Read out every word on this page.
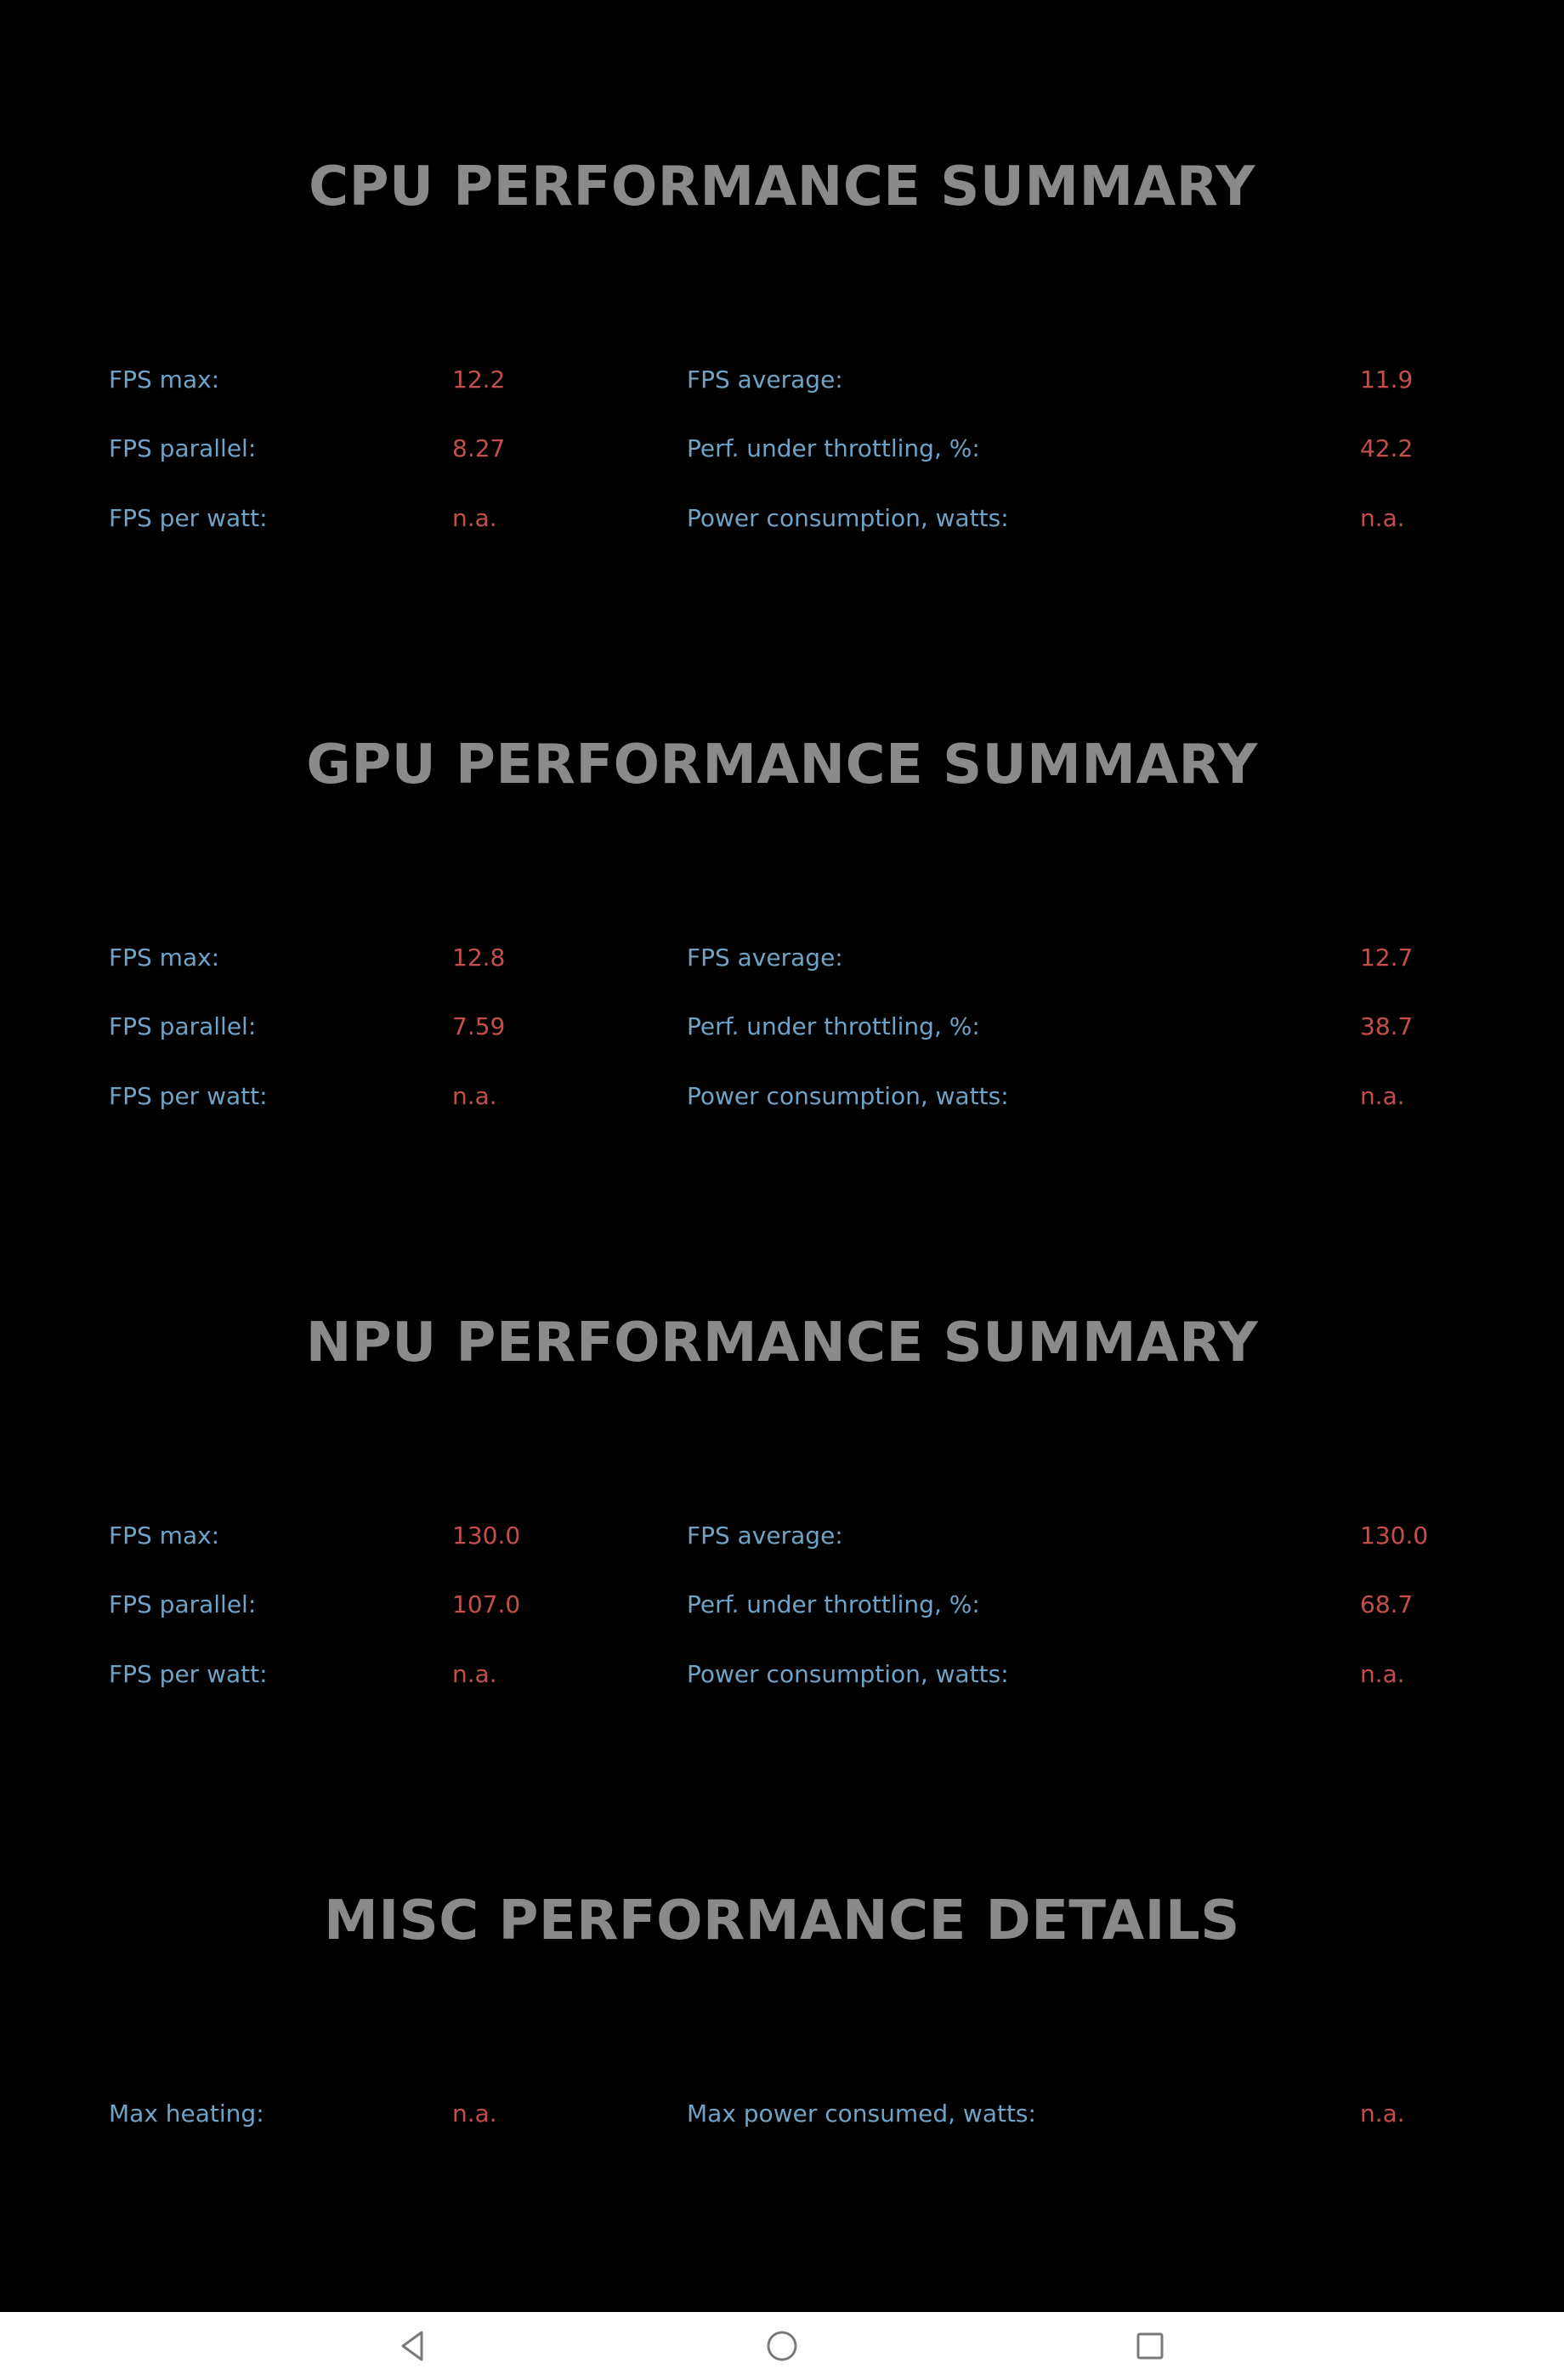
CPU PERFORMANCE SUMMARY
FPS max:	12.2	FPS average:	11.9
FPS parallel:	8.27	Perf. under throttling, %:	42.2
FPS per watt:	n.a.	Power consumption, watts:	n.a.
GPU PERFORMANCE SUMMARY
FPS max:	12.8	FPS average:	12.7
FPS parallel:	7.59	Perf. under throttling, %:	38.7
FPS per watt:	n.a.	Power consumption, watts:	n.a.
NPU PERFORMANCE SUMMARY
FPS max:	130.0	FPS average:	130.0
FPS parallel:	107.0	Perf. under throttling, %:	68.7
FPS per watt:	n.a.	Power consumption, watts:	n.a.
MISC PERFORMANCE DETAILS
Max heating:	n.a.	Max power consumed, watts:	n.a.
